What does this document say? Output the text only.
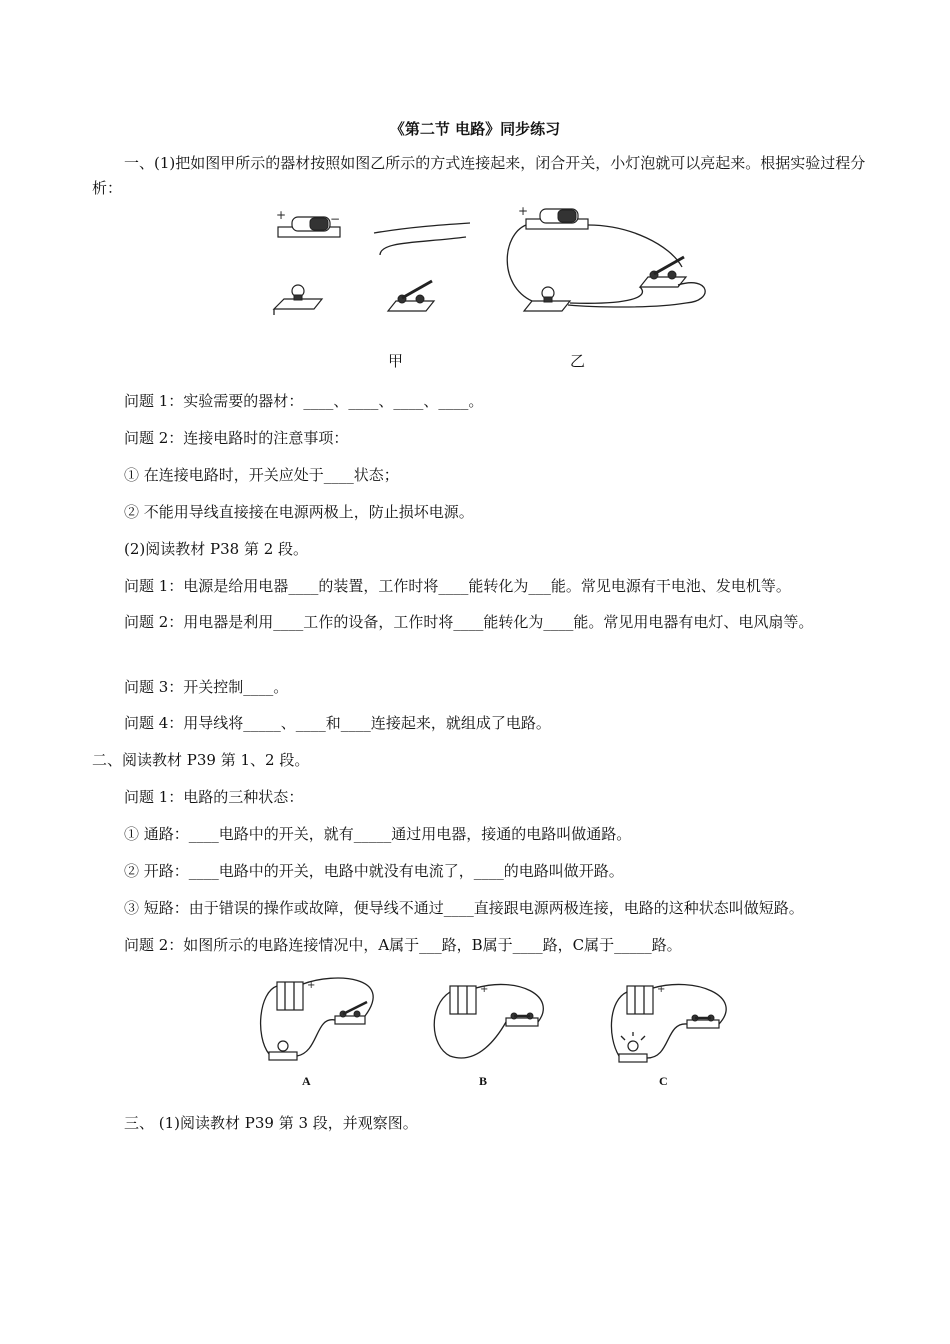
《第二节 电路》同步练习
一、(1)把如图甲所示的器材按照如图乙所示的方式连接起来，闭合开关，小灯泡就可以亮起来。根据实验过程分析：
+	−
+
甲	乙
问题 1：实验需要的器材：____、____、____、____。
问题 2：连接电路时的注意事项：
① 在连接电路时，开关应处于____状态；
② 不能用导线直接接在电源两极上，防止损坏电源。
(2)阅读教材 P38 第 2 段。
问题 1：电源是给用电器____的装置，工作时将____能转化为___能。常见电源有干电池、发电机等。
问题 2：用电器是利用____工作的设备，工作时将____能转化为____能。常见用电器有电灯、电风扇等。
问题 3：开关控制____。
问题 4：用导线将_____、____和____连接起来，就组成了电路。
二、阅读教材 P39 第 1、2 段。
问题 1：电路的三种状态：
① 通路：____电路中的开关，就有_____通过用电器，接通的电路叫做通路。
② 开路：____电路中的开关，电路中就没有电流了，____的电路叫做开路。
③ 短路：由于错误的操作或故障，便导线不通过____直接跟电源两极连接，电路的这种状态叫做短路。
问题 2：如图所示的电路连接情况中，A属于___路，B属于____路，C属于_____路。
+
A
+
B
+
C
三、 (1)阅读教材 P39 第 3 段，并观察图。
